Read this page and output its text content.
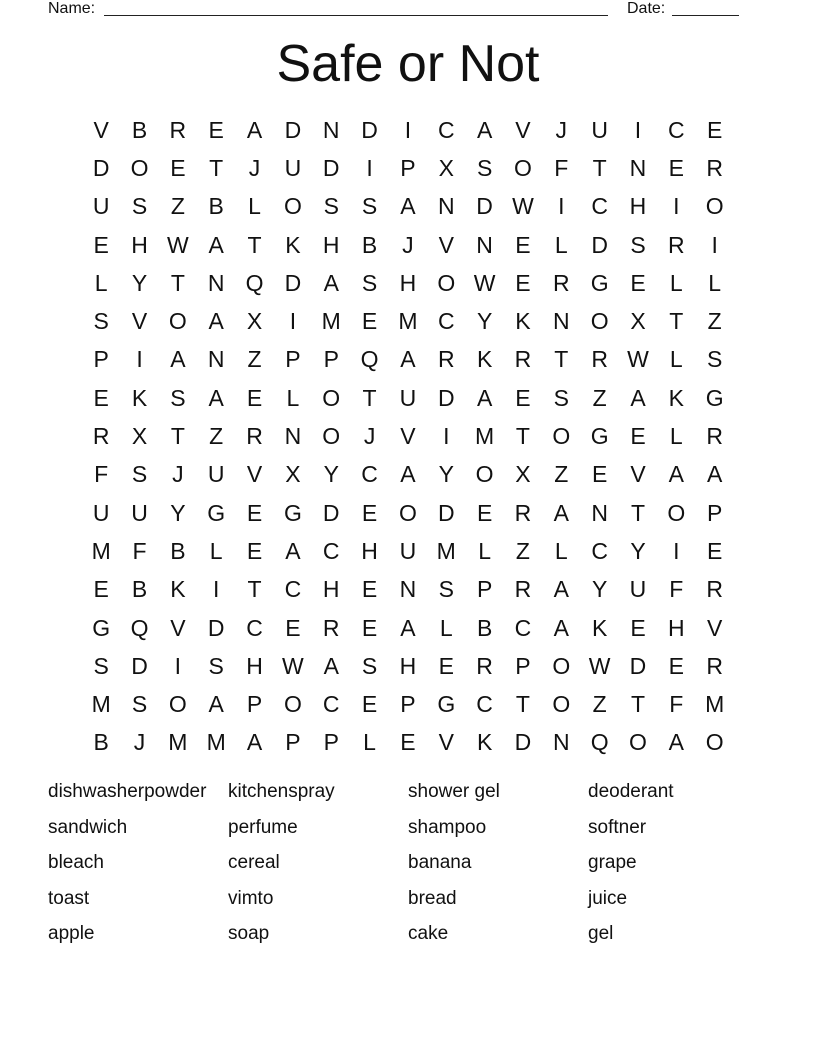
Name:	Date:
Safe or Not
V	B R E	A D N D	I	C A	V	J	U	I	C E
D O E	T	J	U D	I	P	X	S O F	T	N E R
U S	Z	B	L	O S	S	A N D W	I	C H	I	O
E H W A	T	K H B	J	V N E	L	D S R	I
L	Y	T	N Q D A	S H O W E R G E	L	L
S	V O A	X	I	M E M C Y	K N O X	T	Z
P	I	A N	Z	P	P Q A R K R	T	R W L	S
E	K	S	A	E	L	O T	U D A	E	S	Z	A	K G
R X	T	Z	R N O	J	V	I	M T O G E	L	R
F	S	J	U V	X	Y C A	Y O X	Z	E	V	A	A
U U Y G E G D E O D E R A N	T O P
M F	B	L	E	A C H U M L	Z	L	C Y	I	E
E	B	K	I	T	C H E N S	P R A	Y U	F	R
G Q V D C E R E	A	L	B C A	K	E H V
S D	I	S H W A	S H E R P O W D E R
M S O A	P O C E	P G C	T O Z	T	F M
B	J	M M A	P	P	L	E	V	K D N Q O A O
dishwasherpowder	kitchenspray	shower gel	deoderant
sandwich	perfume	shampoo	softner
bleach	cereal	banana	grape
toast	vimto	bread	juice
apple	soap	cake	gel
